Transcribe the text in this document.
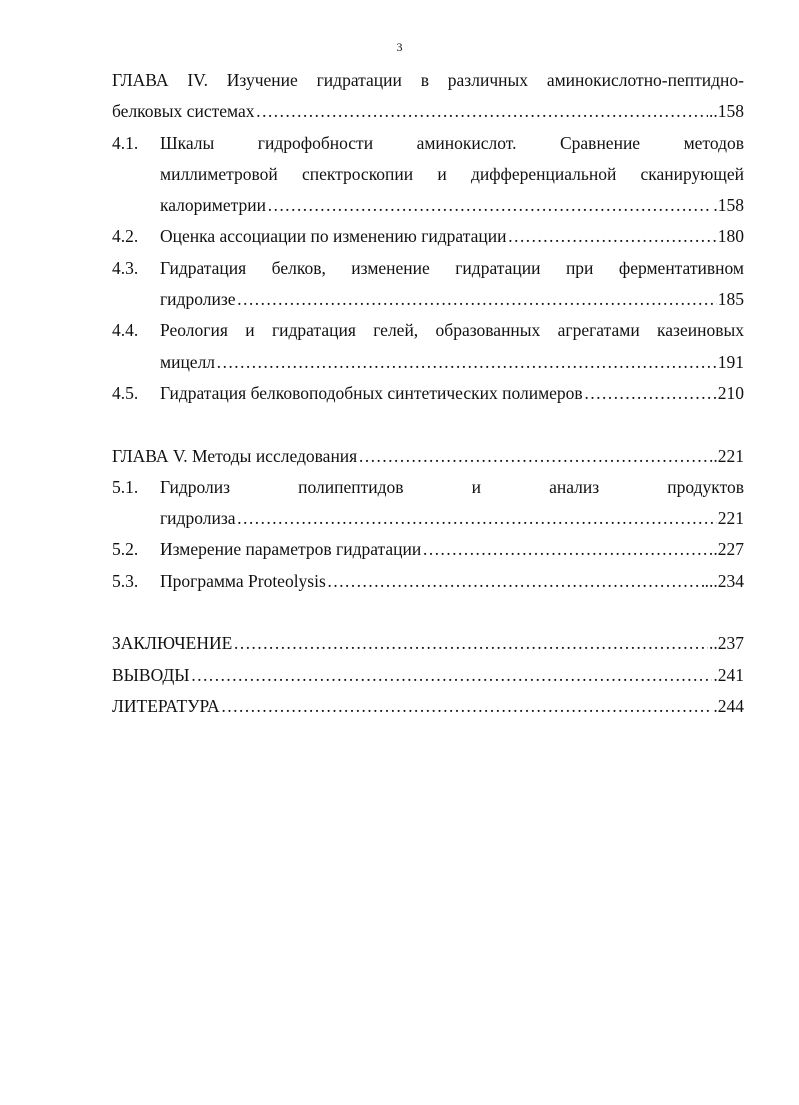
3
ГЛАВА IV. Изучение гидратации в различных аминокислотно-пептидно-
белковых системах ……………………………………………………………………………………………………………………………………………………………………………………	..158
4.1.	Шкалы гидрофобности аминокислот. Сравнение методов
миллиметровой спектроскопии и дифференциальной сканирующей
калориметрии ……………………………………………………………………………………………………………………………………………………………………………………	.158
4.2.	Оценка ассоциации по изменению гидратации ……………………………………………………………………………………………………………………………………………………………………………………	180
4.3.	Гидратация белков, изменение гидратации при ферментативном
гидролизе ……………………………………………………………………………………………………………………………………………………………………………………	185
4.4.	Реология и гидратация гелей, образованных агрегатами казеиновых
мицелл ……………………………………………………………………………………………………………………………………………………………………………………	191
4.5.	Гидратация белковоподобных синтетических полимеров ……………………………………………………………………………………………………………………………………………………………………………………	210
ГЛАВА V. Методы исследования ……………………………………………………………………………………………………………………………………………………………………………………	..221
5.1.	Гидролиз полипептидов и анализ продуктов
гидролиза ……………………………………………………………………………………………………………………………………………………………………………………	221
5.2.	Измерение параметров гидратации ……………………………………………………………………………………………………………………………………………………………………………………	.227
5.3.	Программа Proteolysis ……………………………………………………………………………………………………………………………………………………………………………………	...234
ЗАКЛЮЧЕНИЕ ……………………………………………………………………………………………………………………………………………………………………………………	..237
ВЫВОДЫ ……………………………………………………………………………………………………………………………………………………………………………………	.241
ЛИТЕРАТУРА ……………………………………………………………………………………………………………………………………………………………………………………	.244
